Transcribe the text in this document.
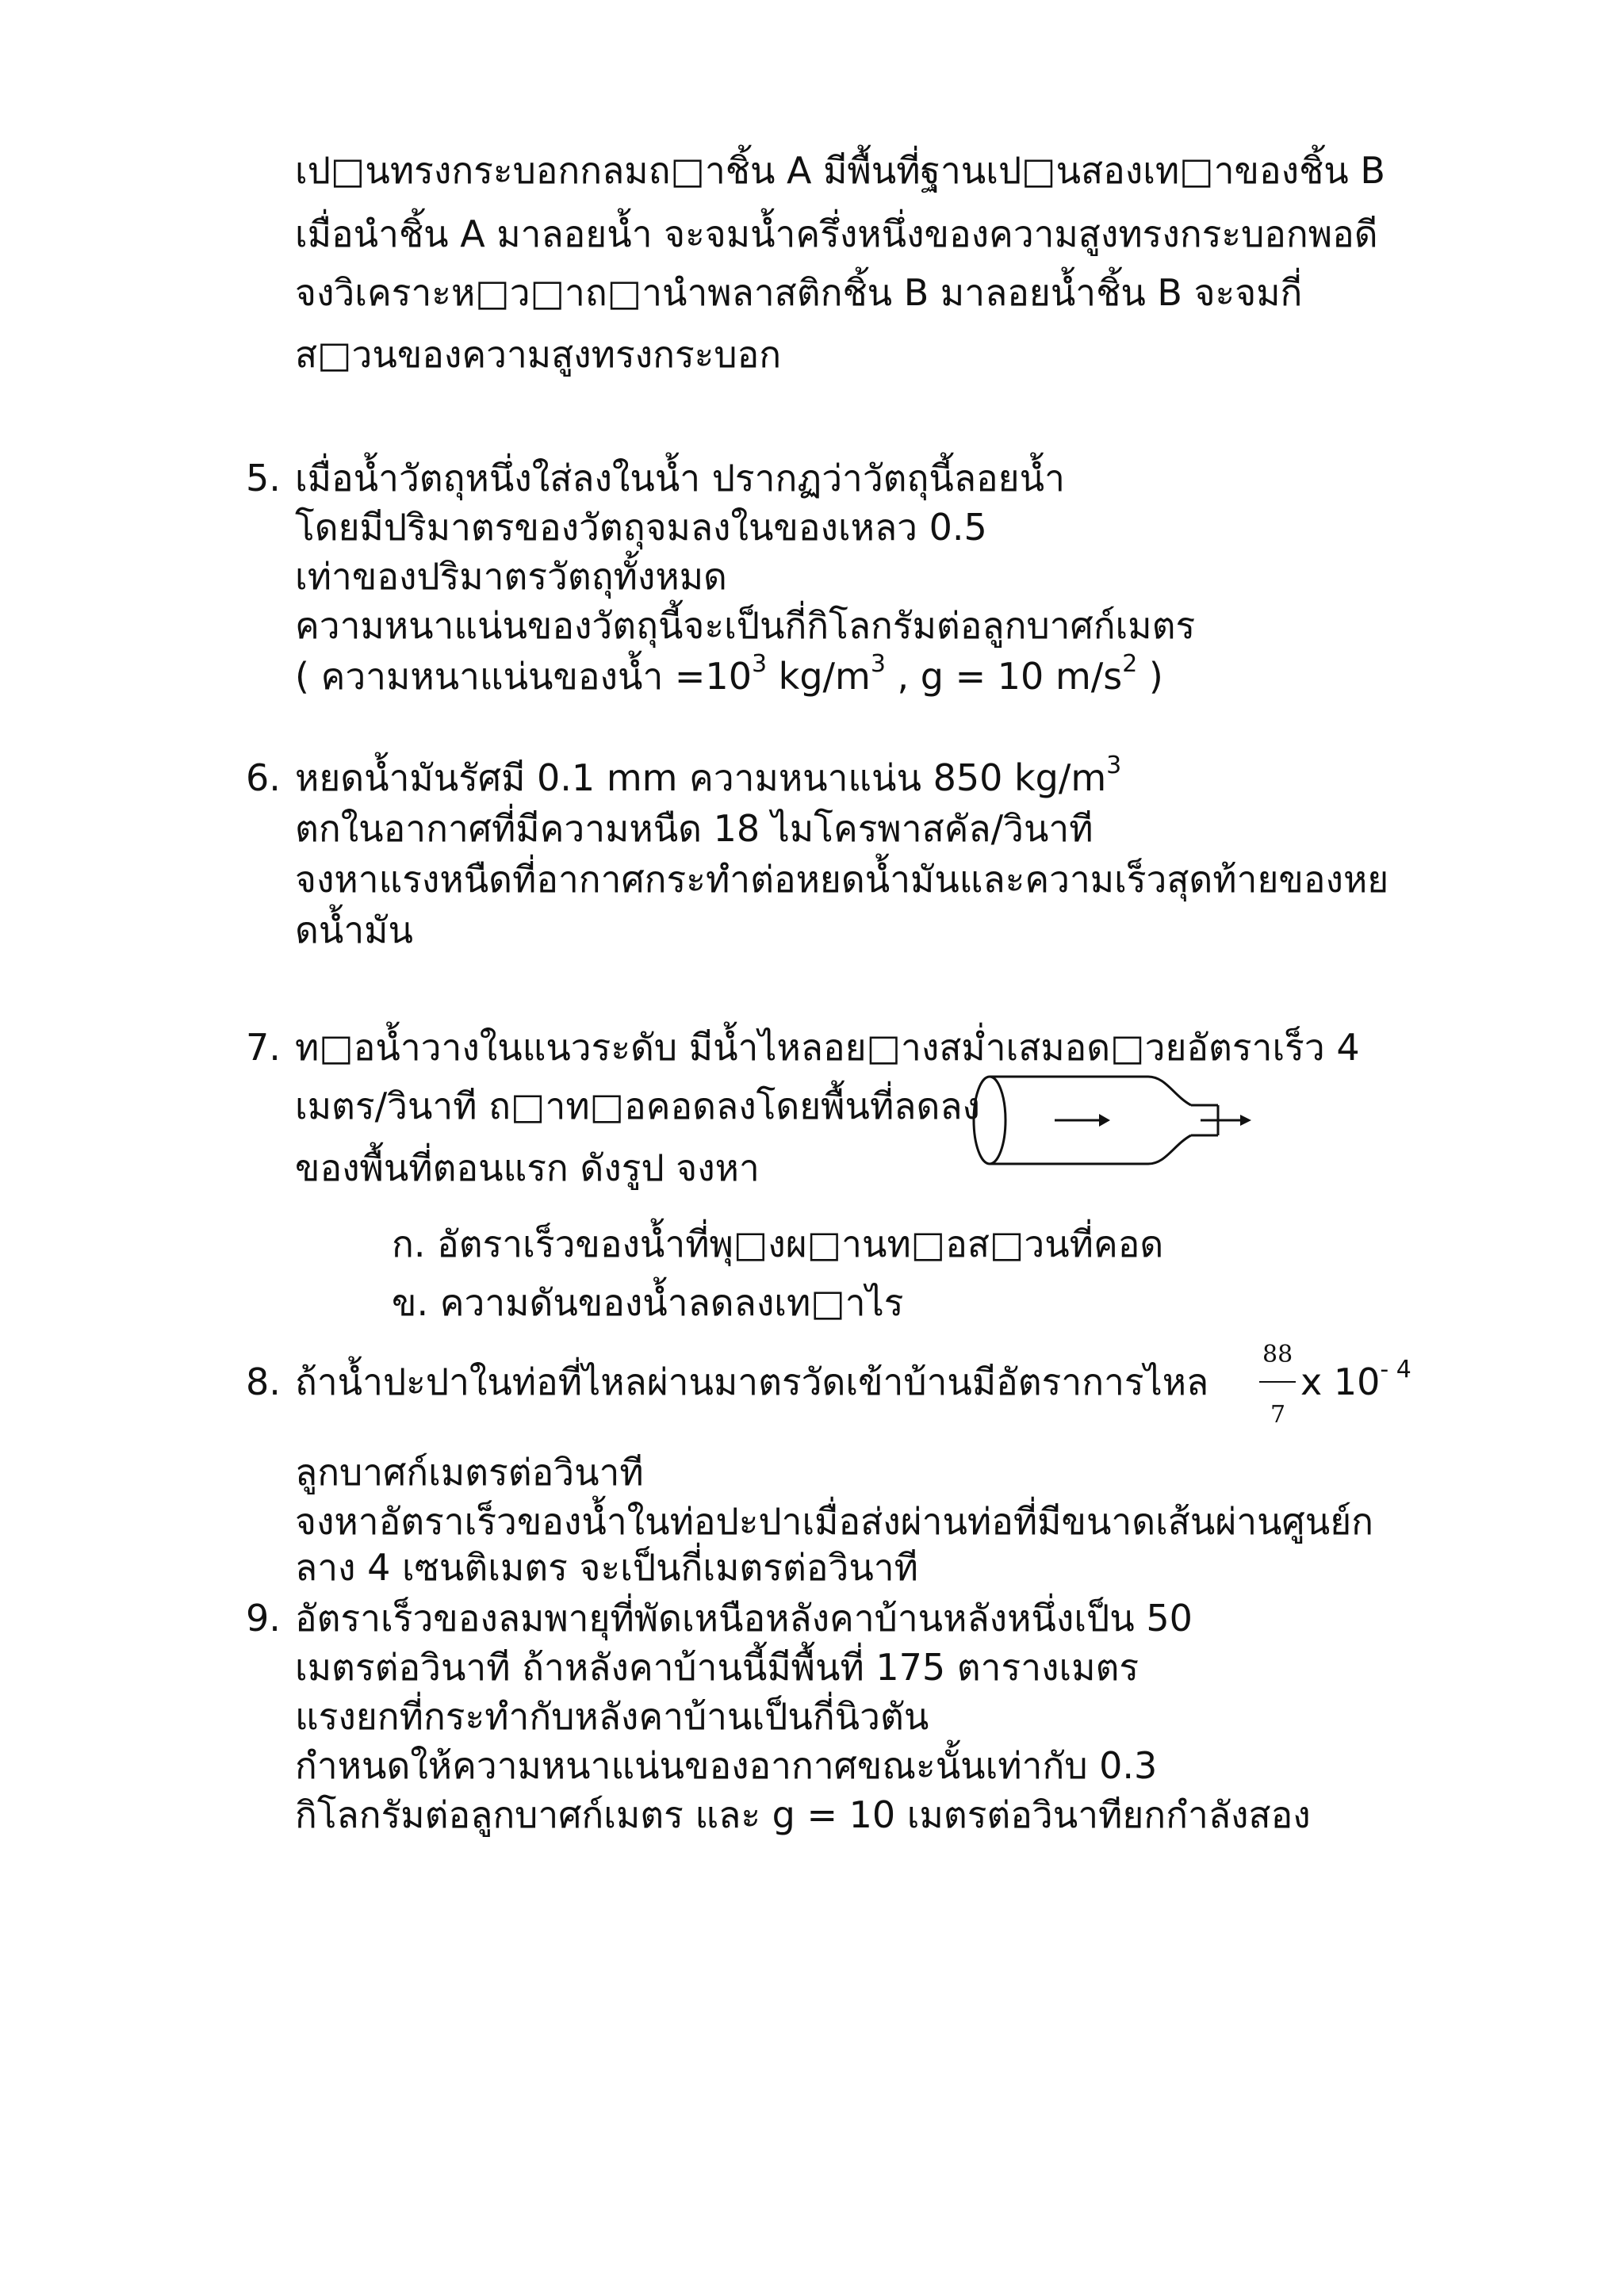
เป□นทรงกระบอกกลมถ□าชิ้น A มีพื้นที่ฐานเป□นสองเท□าของชิ้น B
เมื่อนำชิ้น A มาลอยน้ำ จะจมน้ำครึ่งหนึ่งของความสูงทรงกระบอกพอดี
จงวิเคราะห□ว□าถ□านำพลาสติกชิ้น B มาลอยน้ำชิ้น B จะจมกี่
ส□วนของความสูงทรงกระบอก
5. เมื่อน้ำวัตถุหนึ่งใส่ลงในน้ำ ปรากฏว่าวัตถุนี้ลอยน้ำ
โดยมีปริมาตรของวัตถุจมลงในของเหลว 0.5
เท่าของปริมาตรวัตถุทั้งหมด
ความหนาแน่นของวัตถุนี้จะเป็นกี่กิโลกรัมต่อลูกบาศก์เมตร
( ความหนาแน่นของน้ำ $=10^3$ $kg/m^3$ , g = 10 $m/s^2$ )
6. หยดน้ำมันรัศมี 0.1 mm ความหนาแน่น 850 $kg/m^3$
ตกในอากาศที่มีความหนืด 18 ไมโครพาสคัล/วินาที
จงหาแรงหนืดที่อากาศกระทำต่อหยดน้ำมันและความเร็วสุดท้ายของหย
ดน้ำมัน
7. ท□อน้ำวางในแนวระดับ มีน้ำไหลอย□างสม่ำเสมอด□วยอัตราเร็ว 4
เมตร/วินาที ถ□าท□อคอดลงโดยพื้นที่ลดลง
ของพื้นที่ตอนแรก ดังรูป จงหา
ก. อัตราเร็วของน้ำที่พุ□งผ□านท□อส□วนที่คอด
ข. ความดันของน้ำลดลงเท□าไร
8. ถ้าน้ำปะปาในท่อที่ไหลผ่านมาตรวัดเข้าบ้านมีอัตราการไหล
88
7
x $10^{- 4}$
ลูกบาศก์เมตรต่อวินาที
จงหาอัตราเร็วของน้ำในท่อปะปาเมื่อส่งผ่านท่อที่มีขนาดเส้นผ่านศูนย์ก
ลาง 4 เซนติเมตร จะเป็นกี่เมตรต่อวินาที
9. อัตราเร็วของลมพายุที่พัดเหนือหลังคาบ้านหลังหนึ่งเป็น 50
เมตรต่อวินาที ถ้าหลังคาบ้านนี้มีพื้นที่ 175 ตารางเมตร
แรงยกที่กระทำกับหลังคาบ้านเป็นกี่นิวตัน
กำหนดให้ความหนาแน่นของอากาศขณะนั้นเท่ากับ 0.3
กิโลกรัมต่อลูกบาศก์เมตร และ g = 10 เมตรต่อวินาทียกกำลังสอง
